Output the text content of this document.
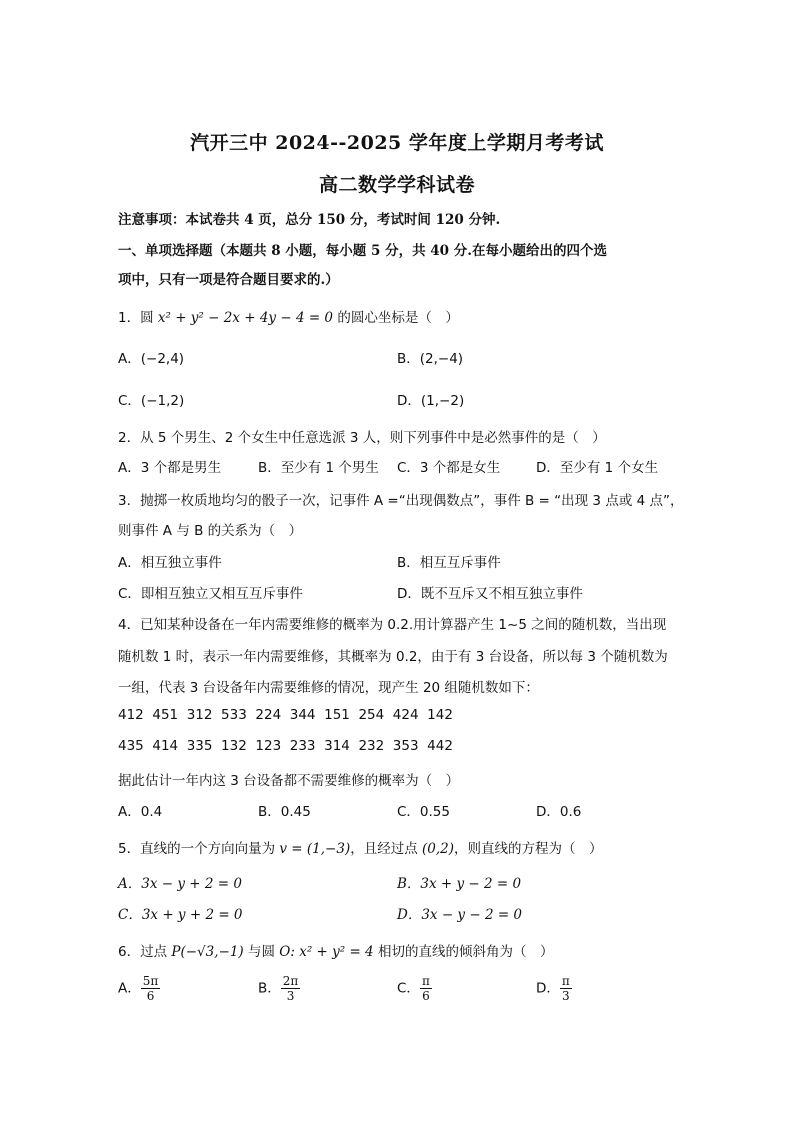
汽开三中 2024--2025 学年度上学期月考考试
高二数学学科试卷
注意事项：本试卷共 4 页，总分 150 分，考试时间 120 分钟.
一、单项选择题（本题共 8 小题，每小题 5 分，共 40 分.在每小题给出的四个选
项中，只有一项是符合题目要求的.）
1．圆 x² + y² − 2x + 4y − 4 = 0 的圆心坐标是（　）
A．(−2,4)	B．(2,−4)
C．(−1,2)	D．(1,−2)
2．从 5 个男生、2 个女生中任意选派 3 人，则下列事件中是必然事件的是（　）
A．3 个都是男生	B．至少有 1 个男生 C．3 个都是女生	D．至少有 1 个女生
3．抛掷一枚质地均匀的骰子一次，记事件 A =“出现偶数点”，事件 B = “出现 3 点或 4 点”，
则事件 A 与 B 的关系为（　）
A．相互独立事件	B．相互互斥事件
C．即相互独立又相互互斥事件	D．既不互斥又不相互独立事件
4．已知某种设备在一年内需要维修的概率为 0.2.用计算器产生 1~5 之间的随机数，当出现
随机数 1 时，表示一年内需要维修，其概率为 0.2，由于有 3 台设备，所以每 3 个随机数为
一组，代表 3 台设备年内需要维修的情况，现产生 20 组随机数如下：
412  451  312  533  224  344  151  254  424  142
435  414  335  132  123  233  314  232  353  442
据此估计一年内这 3 台设备都不需要维修的概率为（　）
A．0.4	B．0.45	C．0.55	D．0.6
5．直线的一个方向向量为 v = (1,−3)，且经过点 (0,2)，则直线的方程为（　）
A．3x − y + 2 = 0	B．3x + y − 2 = 0
C．3x + y + 2 = 0	D．3x − y − 2 = 0
6．过点 P(−√3,−1) 与圆 O: x² + y² = 4 相切的直线的倾斜角为（　）
A． $\frac{5\pi}{6}$	B． $\frac{2\pi}{3}$	C． $\frac{\pi}{6}$	D． $\frac{\pi}{3}$
